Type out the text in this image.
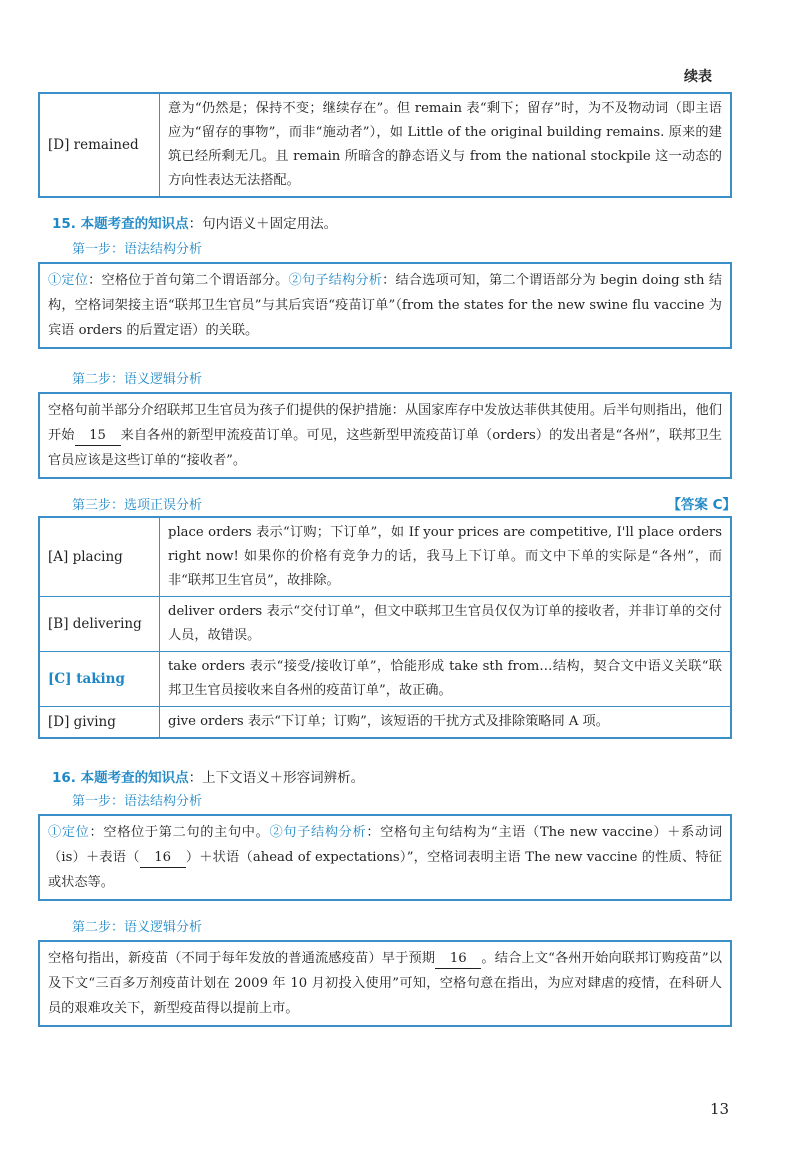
续表
[D] remained
意为“仍然是；保持不变；继续存在”。但 remain 表“剩下；留存”时，为不及物动词（即主语应为“留存的事物”，而非“施动者”），如 Little of the original building remains. 原来的建筑已经所剩无几。且 remain 所暗含的静态语义与 from the national stockpile 这一动态的方向性表达无法搭配。
15. 本题考查的知识点：句内语义＋固定用法。
第一步：语法结构分析
①定位：空格位于首句第二个谓语部分。②句子结构分析：结合选项可知，第二个谓语部分为 begin doing sth 结构，空格词架接主语“联邦卫生官员”与其后宾语“疫苗订单”（from the states for the new swine flu vaccine 为宾语 orders 的后置定语）的关联。
第二步：语义逻辑分析
空格句前半部分介绍联邦卫生官员为孩子们提供的保护措施：从国家库存中发放达菲供其使用。后半句则指出，他们开始 15 来自各州的新型甲流疫苗订单。可见，这些新型甲流疫苗订单（orders）的发出者是“各州”，联邦卫生官员应该是这些订单的“接收者”。
第三步：选项正误分析	【答案 C】
[A] placing
place orders 表示“订购；下订单”，如 If your prices are competitive, I'll place orders right now! 如果你的价格有竞争力的话，我马上下订单。而文中下单的实际是“各州”，而非“联邦卫生官员”，故排除。
[B] delivering
deliver orders 表示“交付订单”，但文中联邦卫生官员仅仅为订单的接收者，并非订单的交付人员，故错误。
[C] taking
take orders 表示“接受/接收订单”，恰能形成 take sth from…结构，契合文中语义关联“联邦卫生官员接收来自各州的疫苗订单”，故正确。
[D] giving	give orders 表示“下订单；订购”，该短语的干扰方式及排除策略同 A 项。
16. 本题考查的知识点：上下文语义＋形容词辨析。
第一步：语法结构分析
①定位：空格位于第二句的主句中。②句子结构分析：空格句主句结构为“主语（The new vaccine）＋系动词（is）＋表语（ 16 ）＋状语（ahead of expectations）”，空格词表明主语 The new vaccine 的性质、特征或状态等。
第二步：语义逻辑分析
空格句指出，新疫苗（不同于每年发放的普通流感疫苗）早于预期 16 。结合上文“各州开始向联邦订购疫苗”以及下文“三百多万剂疫苗计划在 2009 年 10 月初投入使用”可知，空格句意在指出，为应对肆虐的疫情，在科研人员的艰难攻关下，新型疫苗得以提前上市。
13
